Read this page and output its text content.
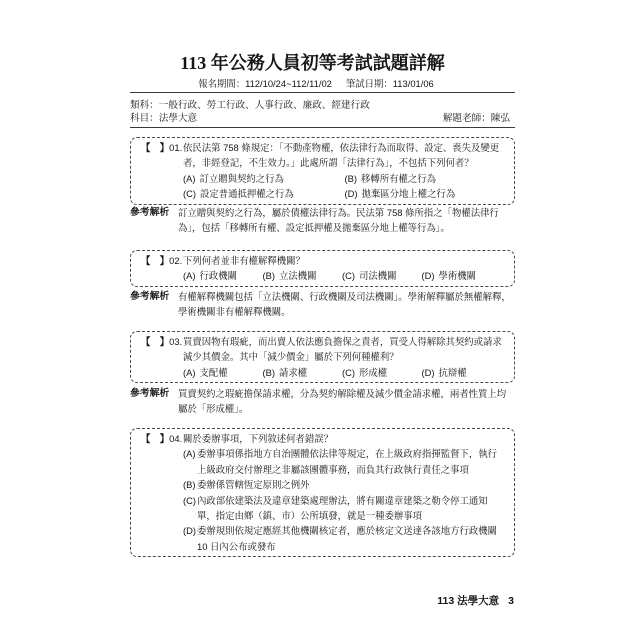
113 年公務人員初等考試試題詳解
報名期間：112/10/24~112/11/02 筆試日期：113/01/06
類科：一般行政、勞工行政、人事行政、廉政、經建行政
科目：法學大意	解題老師：陳弘
【　】01.依民法第 758 條規定：「不動產物權，依法律行為而取得、設定、喪失及變更
者，非經登記，不生效力。」此處所謂「法律行為」，不包括下列何者？
(A) 訂立贈與契約之行為	(B) 移轉所有權之行為
(C) 設定普通抵押權之行為	(D) 拋棄區分地上權之行為
參考解析 訂立贈與契約之行為，屬於債權法律行為。民法第 758 條所指之「物權法律行
為」，包括「移轉所有權、設定抵押權及拋棄區分地上權等行為」。
【　】02.下列何者並非有權解釋機關？
(A) 行政機關	(B) 立法機關	(C) 司法機關	(D) 學術機關
參考解析 有權解釋機關包括「立法機關、行政機關及司法機關」。學術解釋屬於無權解釋，
學術機關非有權解釋機關。
【　】03.買賣因物有瑕疵，而出賣人依法應負擔保之責者，買受人得解除其契約或請求
減少其價金。其中「減少價金」屬於下列何種權利？
(A) 支配權	(B) 請求權	(C) 形成權	(D) 抗辯權
參考解析 買賣契約之瑕疵擔保請求權，分為契約解除權及減少價金請求權，兩者性質上均
屬於「形成權」。
【　】04.關於委辦事項，下列敘述何者錯誤？
(A) 委辦事項係指地方自治團體依法律等規定，在上級政府指揮監督下，執行
上級政府交付辦理之非屬該團體事務，而負其行政執行責任之事項
(B) 委辦係管轄恆定原則之例外
(C) 內政部依建築法及違章建築處理辦法，將有關違章建築之勒令停工通知
單，指定由鄉（鎮、市）公所填發，就是一種委辦事項
(D) 委辦規則依規定應經其他機關核定者，應於核定文送達各該地方行政機關
10 日內公布或發布
113 法學大意 3
